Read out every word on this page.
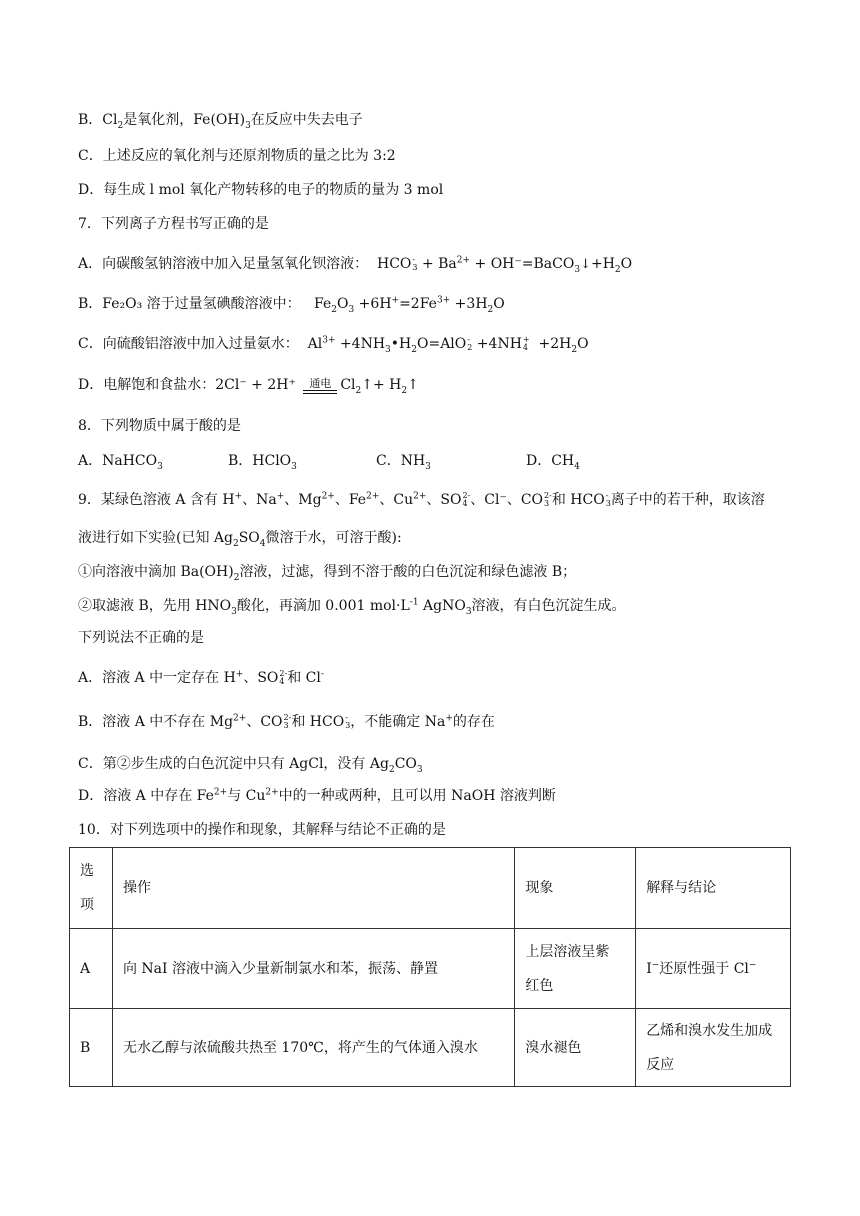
B．$Cl_2$是氧化剂，$Fe(OH)_3$在反应中失去电子
C．上述反应的氧化剂与还原剂物质的量之比为 3:2
D．每生成 l mol 氧化产物转移的电子的物质的量为 3 mol
7．下列离子方程书写正确的是
A．向碳酸氢钠溶液中加入足量氢氧化钡溶液：  HCO -
$3 + Ba^{2+}$ + $OH^-=BaCO_3↓+H_2O$
B．Fe₂O₃ 溶于过量氢碘酸溶液中：   $Fe_2O_3 +6H^+=2Fe^{3+} +3H_2O$
C．向硫酸铝溶液中加入过量氨水：  $Al^{3+}$ $+4NH_3•H_2O=AlO$ -
2 +4NH +
$4 +2H_2O$
D．电解饱和食盐水：2Cl⁻ + 2H⁺ 通电 $Cl_2↑+$ $H_2↑$
8．下列物质中属于酸的是
A．NaHCO$_3$	B．HClO$_3$	C．$NH_3$	D．$CH_4$
9．某绿色溶液 A 含有 H+、Na+、$Mg^{2+}$、$Fe^{2+}$、$Cu^{2+}$、SO 2-
4 、Cl⁻、CO 2-
3 和 HCO -
3 离子中的若干种，取该溶
液进行如下实验(已知 $Ag_2SO_4$微溶于水，可溶于酸):
①向溶液中滴加 $Ba(OH)_2$溶液，过滤，得到不溶于酸的白色沉淀和绿色滤液 B；
②取滤液 B，先用 $HNO_3$酸化，再滴加 0.001 $mol\cdot L^{-1}$ AgNO$_3$溶液，有白色沉淀生成。
下列说法不正确的是
A．溶液 A 中一定存在 H+、SO 2-
4 和 Cl-
B．溶液 A 中不存在 $Mg^{2+}$、CO 2-
3 和 HCO -
3 ，不能确定 Na+的存在
C．第②步生成的白色沉淀中只有 AgCl，没有 $Ag_2CO_3$
D．溶液 A 中存在 $Fe^{2+}$与 $Cu^{2+}$中的一种或两种，且可以用 NaOH 溶液判断
10．对下列选项中的操作和现象，其解释与结论不正确的是
选
项	操作	现象	解释与结论
A	向 NaI 溶液中滴入少量新制氯水和苯，振荡、静置	上层溶液呈紫
红色	I−还原性强于 Cl−
B	无水乙醇与浓硫酸共热至 170℃，将产生的气体通入溴水	溴水褪色	乙烯和溴水发生加成
反应
